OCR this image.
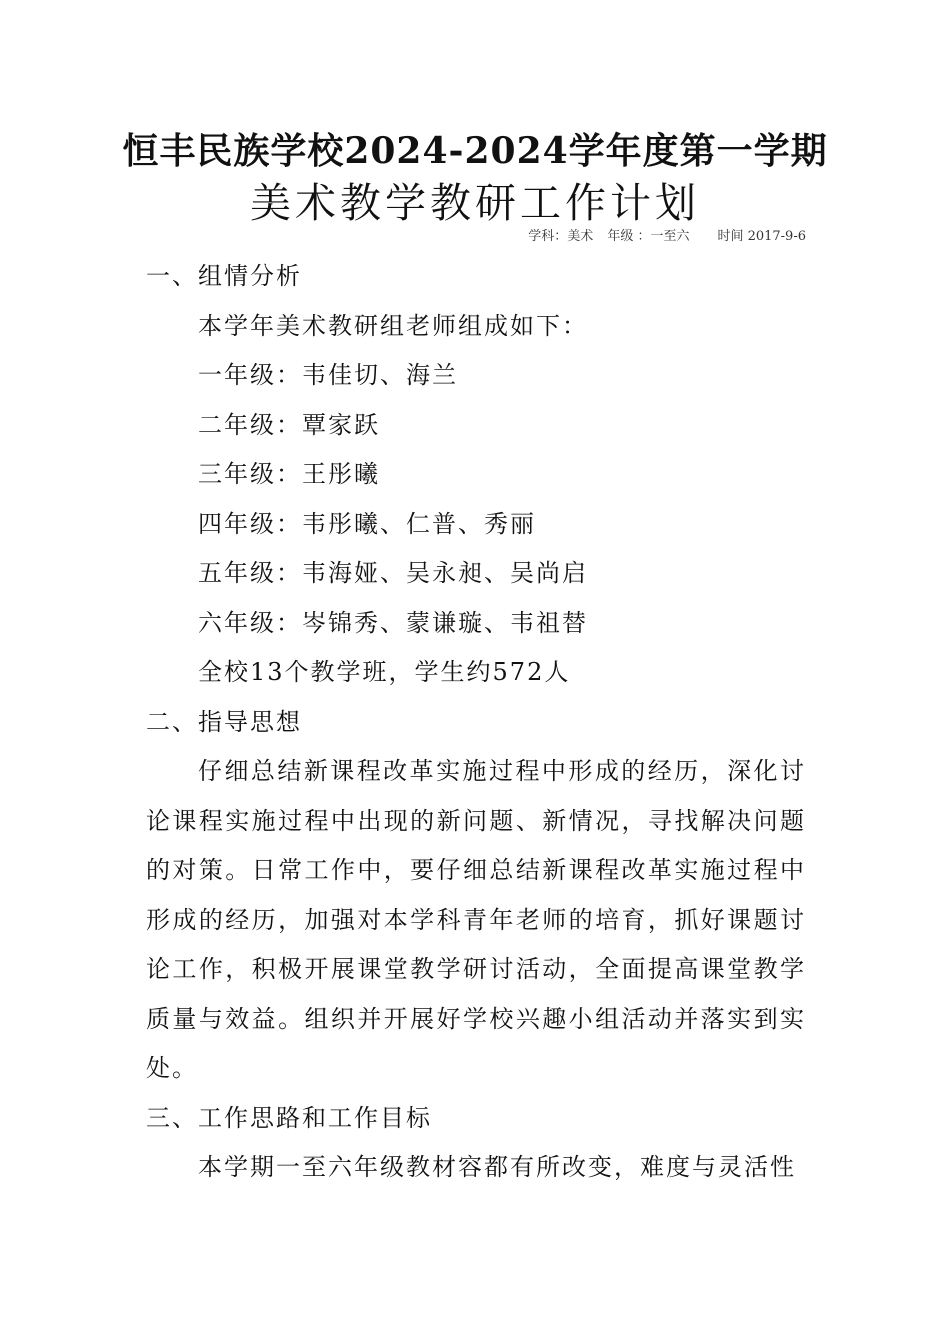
恒丰民族学校2024-2024学年度第一学期
美术教学教研工作计划
学科：美术 年级 ：一至六 时间 2017-9-6

一、组情分析

本学年美术教研组老师组成如下：

一年级：韦佳切、海兰

二年级：覃家跃

三年级：王彤曦

四年级：韦彤曦、仁普、秀丽

五年级：韦海娅、吴永昶、吴尚启

六年级：岑锦秀、蒙谦璇、韦祖替

全校13个教学班，学生约572人

二、指导思想

仔细总结新课程改革实施过程中形成的经历，深化讨论课程实施过程中出现的新问题、新情况，寻找解决问题的对策。日常工作中，要仔细总结新课程改革实施过程中形成的经历，加强对本学科青年老师的培育，抓好课题讨论工作，积极开展课堂教学研讨活动，全面提高课堂教学质量与效益。组织并开展好学校兴趣小组活动并落实到实处。

三、工作思路和工作目标

本学期一至六年级教材容都有所改变，难度与灵活性
